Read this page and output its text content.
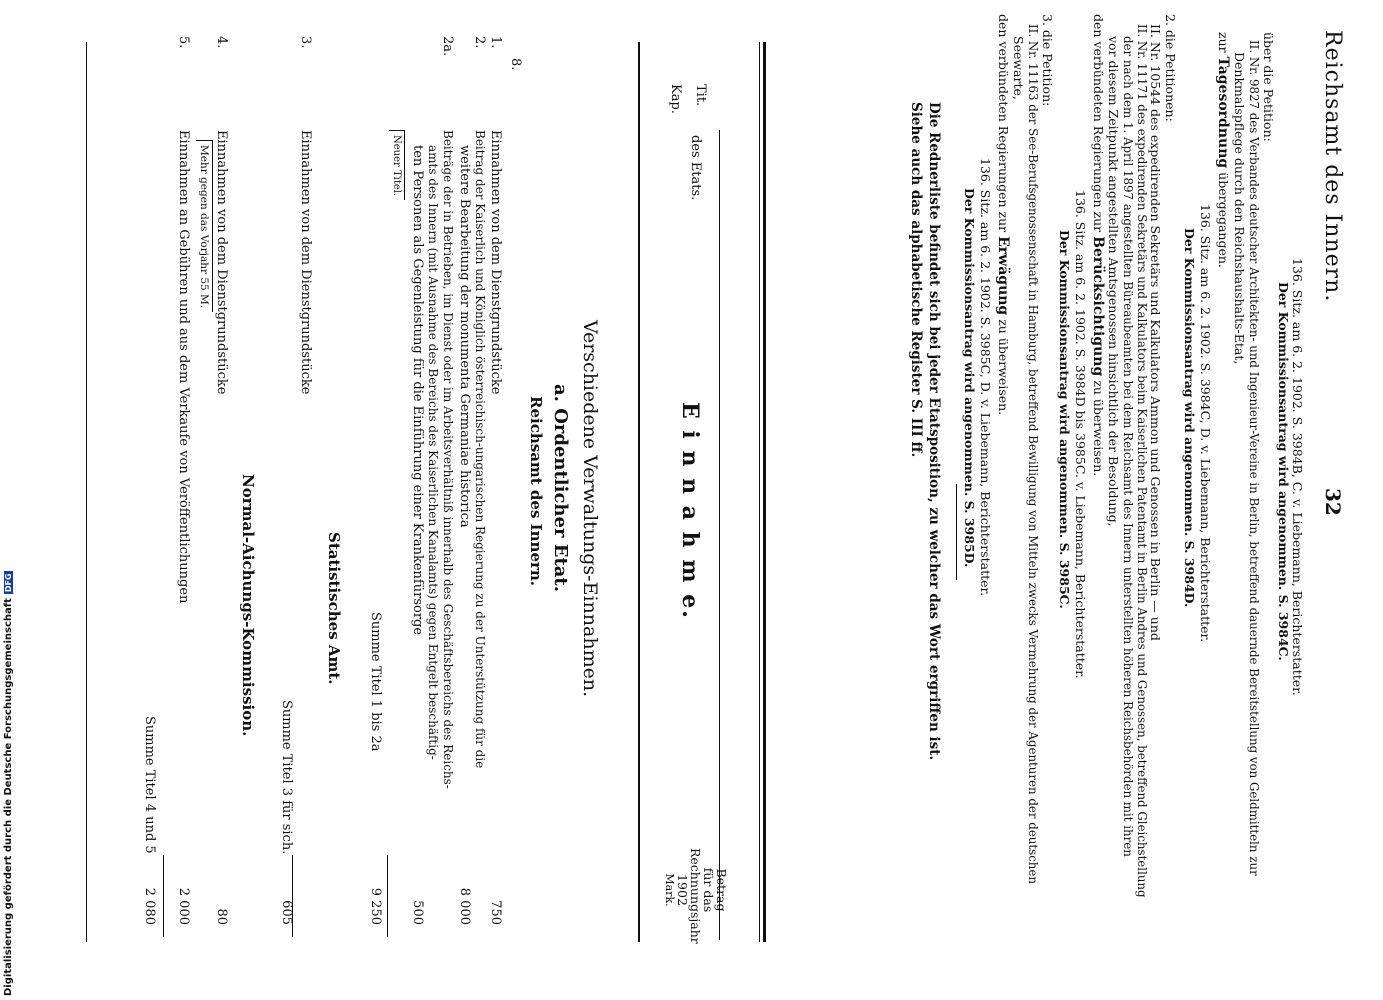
Reichsamt des Innern.
32
136. Sitz. am 6. 2. 1902. S. 3984B, C. v. Liebemann, Berichterstatter.
Der Kommissionsantrag wird angenommen. S. 3984C.
über die Petition:
II. Nr. 9827 des Verbandes deutscher Architekten- und Ingenieur-Vereine in Berlin, betreffend dauernde Bereitstellung von Geldmitteln zur
Denkmalspflege durch den Reichshaushalts-Etat,
zur Tagesordnung übergegangen.
136. Sitz. am 6. 2. 1902. S. 3984C, D. v. Liebemann, Berichterstatter.
Der Kommissionsantrag wird angenommen. S. 3984D.
2. die Petitionen:
II. Nr. 10544 des expedirenden Sekretärs und Kalkulators Ammon und Genossen in Berlin — und
II. Nr. 11171 des expedirenden Sekretärs und Kalkulators beim Kaiserlichen Patentamt in Berlin Andres und Genossen, betreffend Gleichstellung
der nach dem 1. April 1897 angestellten Büreaubeamten bei dem Reichsamt des Innern unterstellten höheren Reichsbehörden mit ihren
vor diesem Zeitpunkt angestellten Amtsgenossen hinsichtlich der Besoldung,
den verbündeten Regierungen zur Berücksichtigung zu überweisen.
136. Sitz. am 6. 2. 1902. S. 3984D bis 3985C. v. Liebemann, Berichterstatter.
Der Kommissionsantrag wird angenommen. S. 3985C.
3. die Petition:
II. Nr. 11163 der See-Berufsgenossenschaft in Hamburg, betreffend Bewilligung von Mitteln zwecks Vermehrung der Agenturen der deutschen
Seewarte,
den verbündeten Regierungen zur Erwägung zu überweisen.
136. Sitz. am 6. 2. 1902. S. 3985C, D. v. Liebemann, Berichterstatter.
Der Kommissionsantrag wird angenommen. S. 3985D.
Die Rednerliste befindet sich bei jeder Etatsposition, zu welcher das Wort ergriffen ist.
Siehe auch das alphabetische Register S. III ff.
Kap. Tit.
des Etats.
E i n n a h m e.
Betrag
für das
Rechnungsjahr
1902
Mark.
8.
Verschiedene Verwaltungs-Einnahmen.
a. Ordentlicher Etat.
Reichsamt des Innern.
1.
Einnahmen von dem Dienstgrundstücke
750
2.
Beitrag der Kaiserlich und Königlich österreichisch-ungarischen Regierung zu der Unterstützung für die
weitere Bearbeitung der monumenta Germaniae historica
8 000
2a.
Beiträge der in Betrieben, im Dienst oder im Arbeitsverhältniß innerhalb des Geschäftsbereichs des Reichs-
amts des Innern (mit Ausnahme des Bereichs des Kaiserlichen Kanalamts) gegen Entgelt beschäftig-
ten Personen als Gegenleistung für die Einführung einer Krankenfürsorge
500
Neuer Titel.
Summe Titel 1 bis 2a
9 250
Statistisches Amt.
3.
Einnahmen von dem Dienstgrundstücke
Summe Titel 3 für sich.
605
Normal-Aichungs-Kommission.
4.
Einnahmen von dem Dienstgrundstücke
80
Mehr gegen das Vorjahr 55 M.
5.
Einnahmen an Gebühren und aus dem Verkaufe von Veröffentlichungen
2 000
Summe Titel 4 und 5
2 080
Digitalisierung gefördert durch die Deutsche Forschungsgemeinschaft
DFG
